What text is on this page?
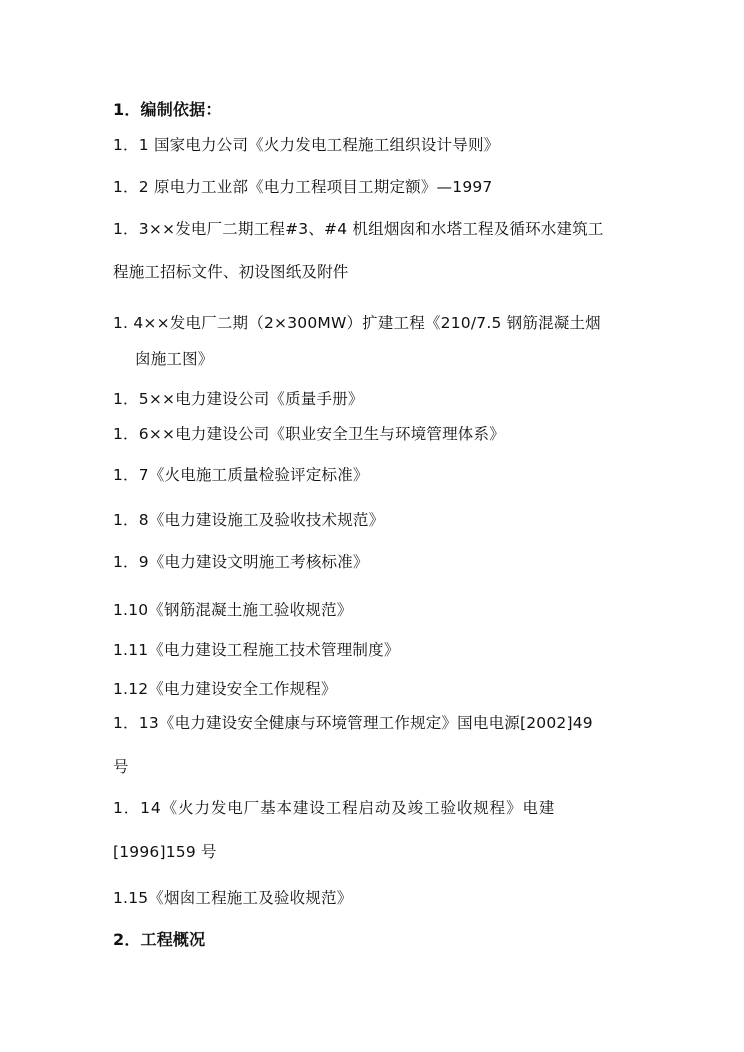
1．编制依据：
1．1 国家电力公司《火力发电工程施工组织设计导则》
1．2 原电力工业部《电力工程项目工期定额》—1997
1．3××发电厂二期工程#3、#4 机组烟囱和水塔工程及循环水建筑工
程施工招标文件、初设图纸及附件
1. 4××发电厂二期（2×300MW）扩建工程《210/7.5 钢筋混凝土烟
囱施工图》
1．5××电力建设公司《质量手册》
1．6××电力建设公司《职业安全卫生与环境管理体系》
1．7《火电施工质量检验评定标准》
1．8《电力建设施工及验收技术规范》
1．9《电力建设文明施工考核标准》
1.10《钢筋混凝土施工验收规范》
1.11《电力建设工程施工技术管理制度》
1.12《电力建设安全工作规程》
1．13《电力建设安全健康与环境管理工作规定》国电电源[2002]49
号
1．14《火力发电厂基本建设工程启动及竣工验收规程》电建
[1996]159 号
1.15《烟囱工程施工及验收规范》
2．工程概况
